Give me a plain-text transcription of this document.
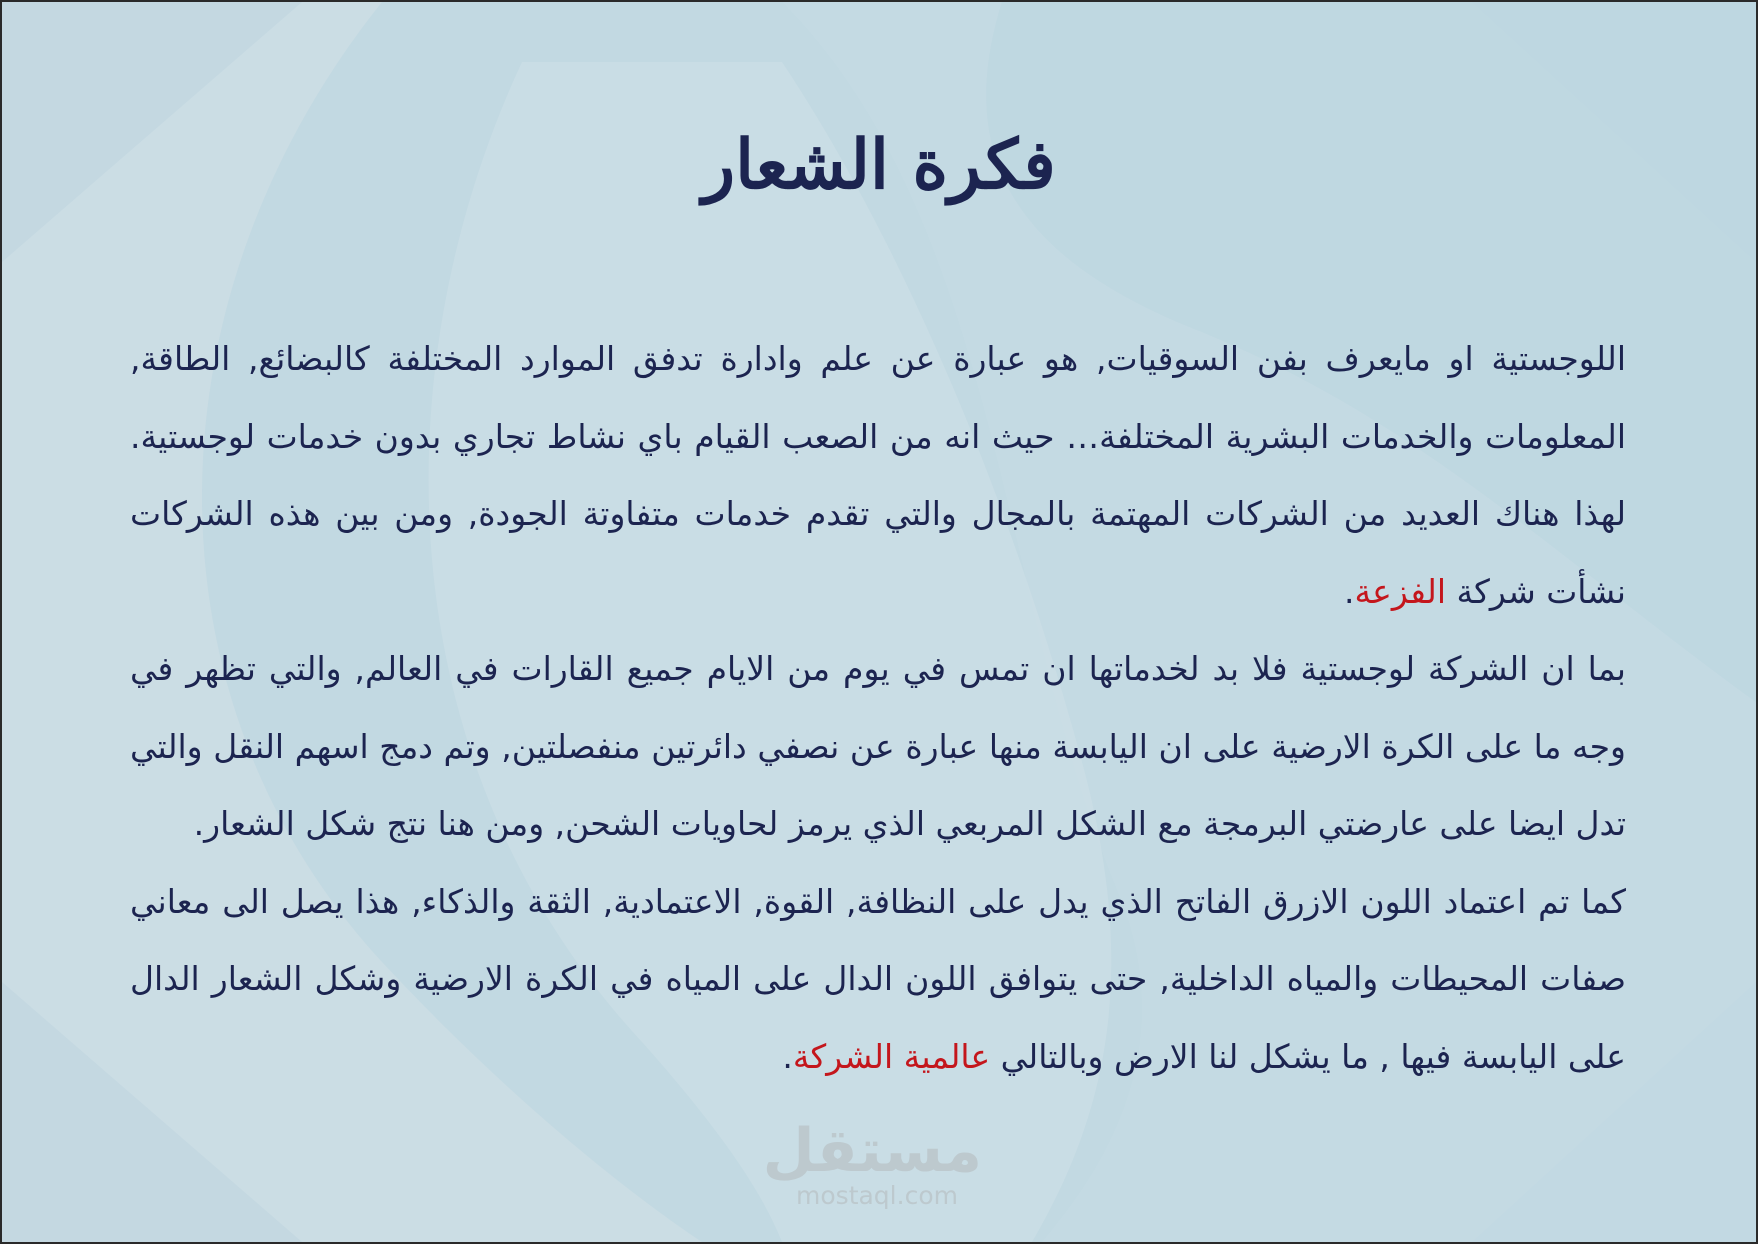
فكرة الشعار

اللوجستية او مايعرف بفن السوقيات, هو عبارة عن علم وادارة تدفق الموارد المختلفة كالبضائع, الطاقة, المعلومات والخدمات البشرية المختلفة… حيث انه من الصعب القيام باي نشاط تجاري بدون خدمات لوجستية. لهذا هناك العديد من الشركات المهتمة بالمجال والتي تقدم خدمات متفاوتة الجودة, ومن بين هذه الشركات نشأت شركة الفزعة.

بما ان الشركة لوجستية فلا بد لخدماتها ان تمس في يوم من الايام جميع القارات في العالم, والتي تظهر في وجه ما على الكرة الارضية على ان اليابسة منها عبارة عن نصفي دائرتين منفصلتين, وتم دمج اسهم النقل والتي تدل ايضا على عارضتي البرمجة مع الشكل المربعي الذي يرمز لحاويات الشحن, ومن هنا نتج شكل الشعار.

كما تم اعتماد اللون الازرق الفاتح الذي يدل على النظافة, القوة, الاعتمادية, الثقة والذكاء, هذا يصل الى معاني صفات المحيطات والمياه الداخلية, حتى يتوافق اللون الدال على المياه في الكرة الارضية وشكل الشعار الدال على اليابسة فيها , ما يشكل لنا الارض وبالتالي عالمية الشركة.

مستقل
mostaql.com
